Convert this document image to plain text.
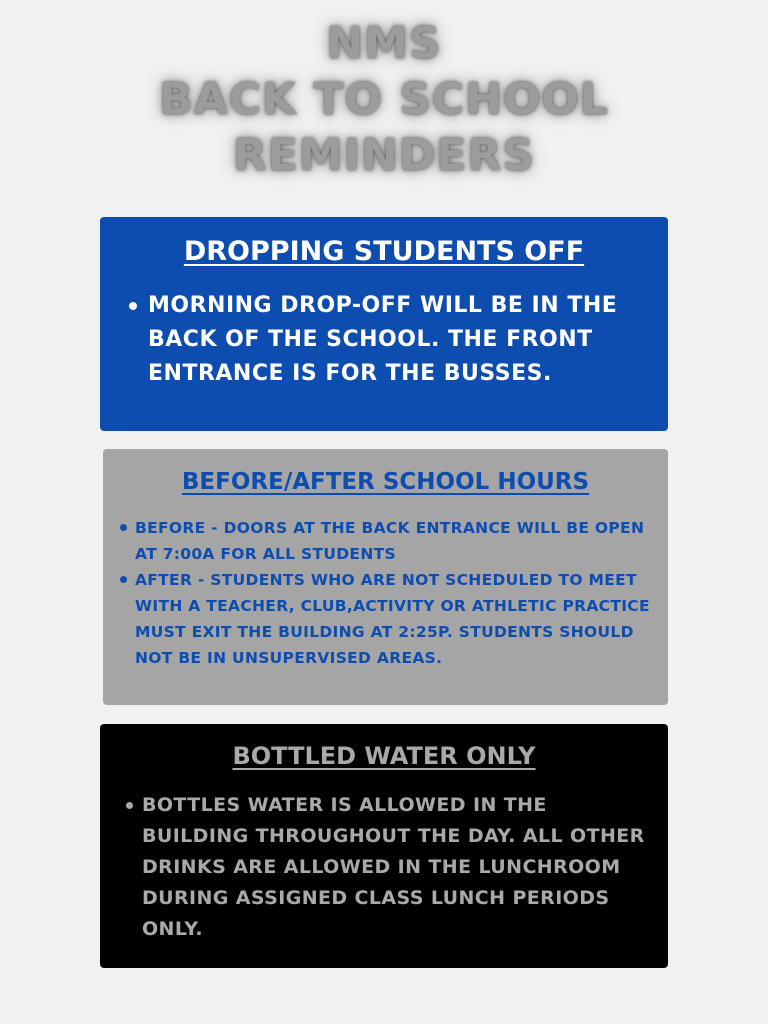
NMS
BACK TO SCHOOL
REMINDERS
DROPPING STUDENTS OFF
MORNING DROP-OFF WILL BE IN THE BACK OF THE SCHOOL. THE FRONT ENTRANCE IS FOR THE BUSSES.
BEFORE/AFTER SCHOOL HOURS
BEFORE - DOORS AT THE BACK ENTRANCE WILL BE OPEN AT 7:00A FOR ALL STUDENTS
AFTER - STUDENTS WHO ARE NOT SCHEDULED TO MEET WITH A TEACHER, CLUB,ACTIVITY OR ATHLETIC PRACTICE MUST EXIT THE BUILDING AT 2:25P. STUDENTS SHOULD NOT BE IN UNSUPERVISED AREAS.
BOTTLED WATER ONLY
BOTTLES WATER IS ALLOWED IN THE BUILDING THROUGHOUT THE DAY. ALL OTHER DRINKS ARE ALLOWED IN THE LUNCHROOM DURING ASSIGNED CLASS LUNCH PERIODS ONLY.
